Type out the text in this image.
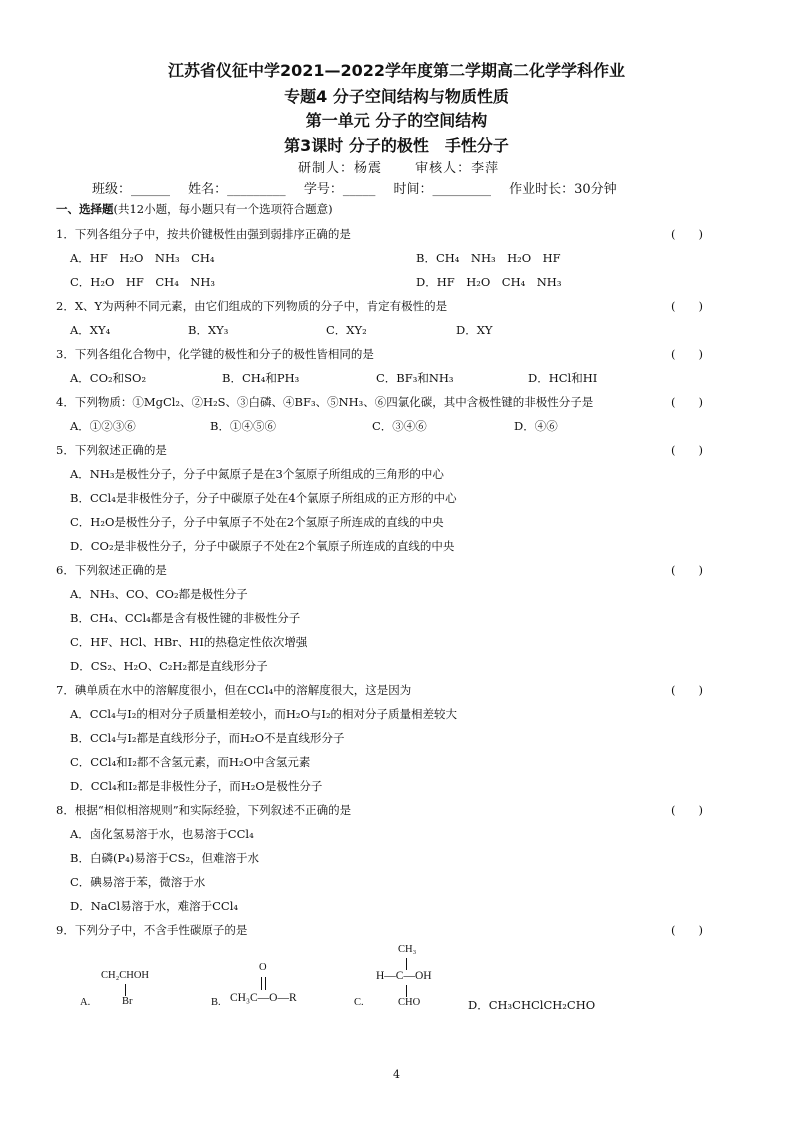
江苏省仪征中学2021—2022学年度第二学期高二化学学科作业
专题4 分子空间结构与物质性质
第一单元 分子的空间结构
第3课时 分子的极性　手性分子
研制人：杨震	审核人：李萍
班级：______ 姓名：_________ 学号：_____ 时间：_________ 作业时长：30分钟
一、选择题(共12小题，每小题只有一个选项符合题意)
1．下列各组分子中，按共价键极性由强到弱排序正确的是	(　　)
A．HF　H₂O　NH₃　CH₄	B．CH₄　NH₃　H₂O　HF
C．H₂O　HF　CH₄　NH₃	D．HF　H₂O　CH₄　NH₃
2．X、Y为两种不同元素，由它们组成的下列物质的分子中，肯定有极性的是	(　　)
A．XY₄	B．XY₃	C．XY₂	D．XY
3．下列各组化合物中，化学键的极性和分子的极性皆相同的是	(　　)
A．CO₂和SO₂	B．CH₄和PH₃	C．BF₃和NH₃	D．HCl和HI
4．下列物质：①MgCl₂、②H₂S、③白磷、④BF₃、⑤NH₃、⑥四氯化碳，其中含极性键的非极性分子是	(　　)
A．①②③⑥	B．①④⑤⑥	C．③④⑥	D．④⑥
5．下列叙述正确的是	(　　)
A．NH₃是极性分子，分子中氮原子是在3个氢原子所组成的三角形的中心
B．CCl₄是非极性分子，分子中碳原子处在4个氯原子所组成的正方形的中心
C．H₂O是极性分子，分子中氧原子不处在2个氢原子所连成的直线的中央
D．CO₂是非极性分子，分子中碳原子不处在2个氧原子所连成的直线的中央
6．下列叙述正确的是	(　　)
A．NH₃、CO、CO₂都是极性分子
B．CH₄、CCl₄都是含有极性键的非极性分子
C．HF、HCl、HBr、HI的热稳定性依次增强
D．CS₂、H₂O、C₂H₂都是直线形分子
7．碘单质在水中的溶解度很小，但在CCl₄中的溶解度很大，这是因为	(　　)
A．CCl₄与I₂的相对分子质量相差较小，而H₂O与I₂的相对分子质量相差较大
B．CCl₄与I₂都是直线形分子，而H₂O不是直线形分子
C．CCl₄和I₂都不含氢元素，而H₂O中含氢元素
D．CCl₄和I₂都是非极性分子，而H₂O是极性分子
8．根据“相似相溶规则”和实际经验，下列叙述不正确的是	(　　)
A．卤化氢易溶于水，也易溶于CCl₄
B．白磷(P₄)易溶于CS₂，但难溶于水
C．碘易溶于苯，微溶于水
D．NaCl易溶于水，难溶于CCl₄
9．下列分子中，不含手性碳原子的是	(　　)
A.
CH₂CHOH
Br	B.
O
CH₃C—O—R	C.
CH₃
H—C—OH
CHO	D．CH₃CHClCH₂CHO
4
